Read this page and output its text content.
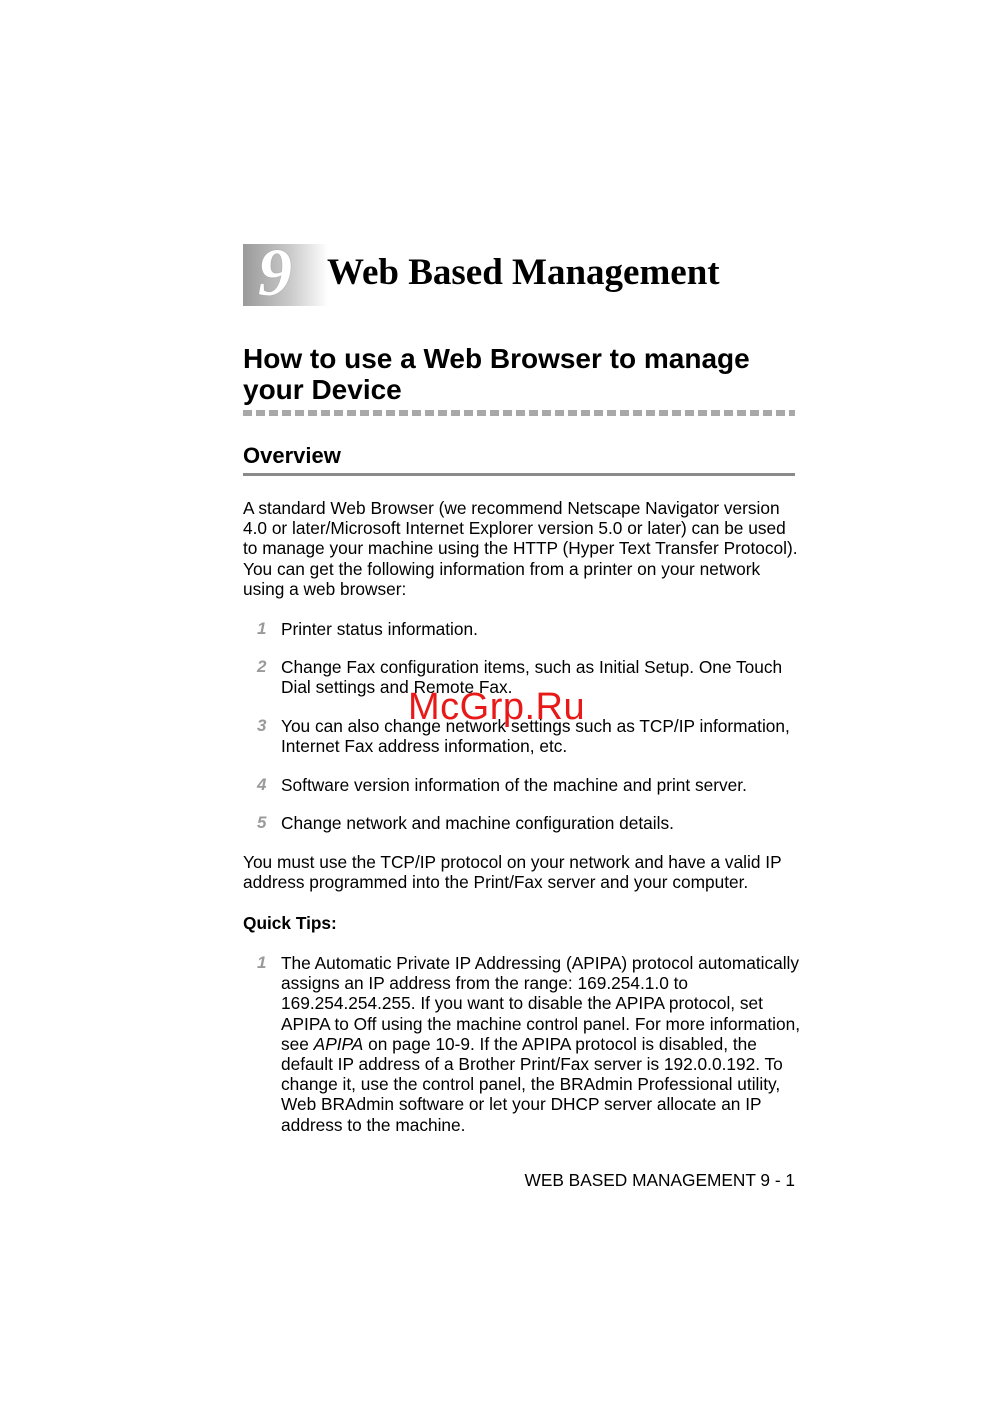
9 Web Based Management
How to use a Web Browser to manage your Device
Overview
A standard Web Browser (we recommend Netscape Navigator version 4.0 or later/Microsoft Internet Explorer version 5.0 or later) can be used to manage your machine using the HTTP (Hyper Text Transfer Protocol). You can get the following information from a printer on your network using a web browser:
1 Printer status information.
2 Change Fax configuration items, such as Initial Setup. One Touch Dial settings and Remote Fax.
3 You can also change network settings such as TCP/IP information, Internet Fax address information, etc.
4 Software version information of the machine and print server.
5 Change network and machine configuration details.
You must use the TCP/IP protocol on your network and have a valid IP address programmed into the Print/Fax server and your computer.
Quick Tips:
1 The Automatic Private IP Addressing (APIPA) protocol automatically assigns an IP address from the range: 169.254.1.0 to 169.254.254.255. If you want to disable the APIPA protocol, set APIPA to Off using the machine control panel. For more information, see APIPA on page 10-9. If the APIPA protocol is disabled, the default IP address of a Brother Print/Fax server is 192.0.0.192. To change it, use the control panel, the BRAdmin Professional utility, Web BRAdmin software or let your DHCP server allocate an IP address to the machine.
WEB BASED MANAGEMENT 9 - 1
McGrp.Ru
